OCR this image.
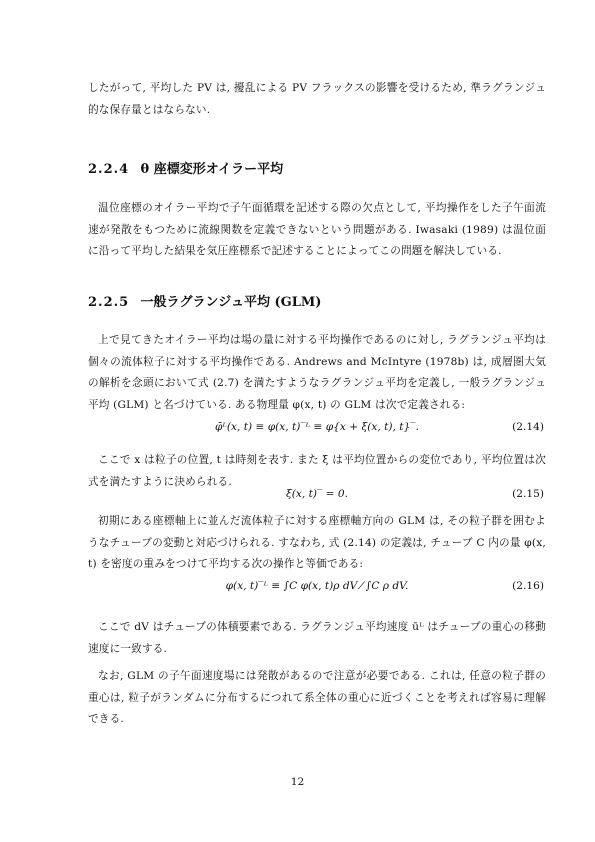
したがって, 平均した PV は, 擾乱による PV フラックスの影響を受けるため, 準ラグランジュ的な保存量とはならない.

2.2.4 θ 座標変形オイラー平均

温位座標のオイラー平均で子午面循環を記述する際の欠点として, 平均操作をした子午面流速が発散をもつために流線関数を定義できないという問題がある. Iwasaki (1989) は温位面に沿って平均した結果を気圧座標系で記述することによってこの問題を解決している.

2.2.5 一般ラグランジュ平均 (GLM)

上で見てきたオイラー平均は場の量に対する平均操作であるのに対し, ラグランジュ平均は個々の流体粒子に対する平均操作である. Andrews and McIntyre (1978b) は, 成層圏大気の解析を念頭において式 (2.7) を満たすようなラグランジュ平均を定義し, 一般ラグランジュ平均 (GLM) と名づけている. ある物理量 φ(x, t) の GLM は次で定義される:

φ̄ᴸ(x, t) ≡ φ(x, t)‾ᴸ ≡ φ{x + ξ(x, t), t}‾.	(2.14)

ここで x は粒子の位置, t は時刻を表す. また ξ は平均位置からの変位であり, 平均位置は次式を満たすように決められる.

ξ(x, t)‾ = 0.	(2.15)

初期にある座標軸上に並んだ流体粒子に対する座標軸方向の GLM は, その粒子群を囲むようなチューブの変動と対応づけられる. すなわち, 式 (2.14) の定義は, チューブ C 内の量 φ(x, t) を密度の重みをつけて平均する次の操作と等価である:

φ(x, t)‾ᴸ ≡ ∫C φ(x, t)ρ dV ⁄ ∫C ρ dV.	(2.16)

ここで dV はチューブの体積要素である. ラグランジュ平均速度 ūᴸ はチューブの重心の移動速度に一致する.

なお, GLM の子午面速度場には発散があるので注意が必要である. これは, 任意の粒子群の重心は, 粒子がランダムに分布するにつれて系全体の重心に近づくことを考えれば容易に理解できる.

12
